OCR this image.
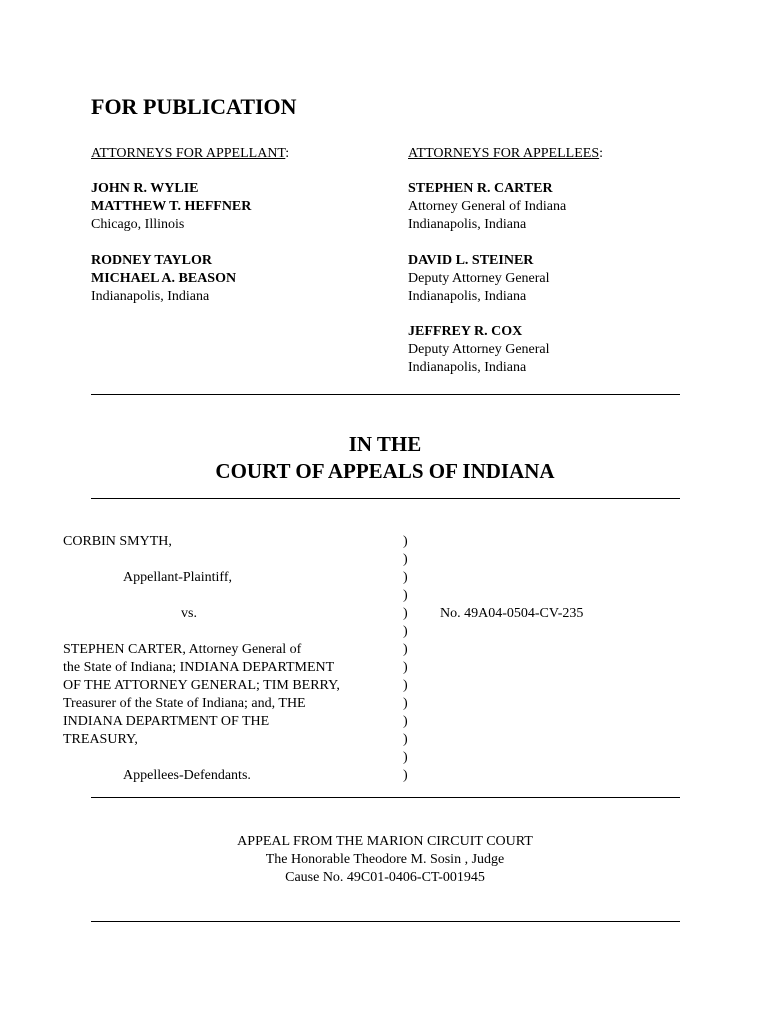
FOR PUBLICATION
ATTORNEYS FOR APPELLANT:
JOHN R. WYLIE
MATTHEW T. HEFFNER
Chicago, Illinois
RODNEY TAYLOR
MICHAEL A. BEASON
Indianapolis, Indiana
ATTORNEYS FOR APPELLEES:
STEPHEN R. CARTER
Attorney General of Indiana
Indianapolis, Indiana
DAVID L. STEINER
Deputy Attorney General
Indianapolis, Indiana
JEFFREY R. COX
Deputy Attorney General
Indianapolis, Indiana
IN THE
COURT OF APPEALS OF INDIANA
CORBIN SMYTH,
Appellant-Plaintiff,
vs.
STEPHEN CARTER, Attorney General of
the State of Indiana; INDIANA DEPARTMENT
OF THE ATTORNEY GENERAL; TIM BERRY,
Treasurer of the State of Indiana; and, THE
INDIANA DEPARTMENT OF THE
TREASURY,
Appellees-Defendants.
)
)
)
)
)
)
)
)
)
)
)
)
)
)
No. 49A04-0504-CV-235
APPEAL FROM THE MARION CIRCUIT COURT
The Honorable Theodore M. Sosin , Judge
Cause No. 49C01-0406-CT-001945
